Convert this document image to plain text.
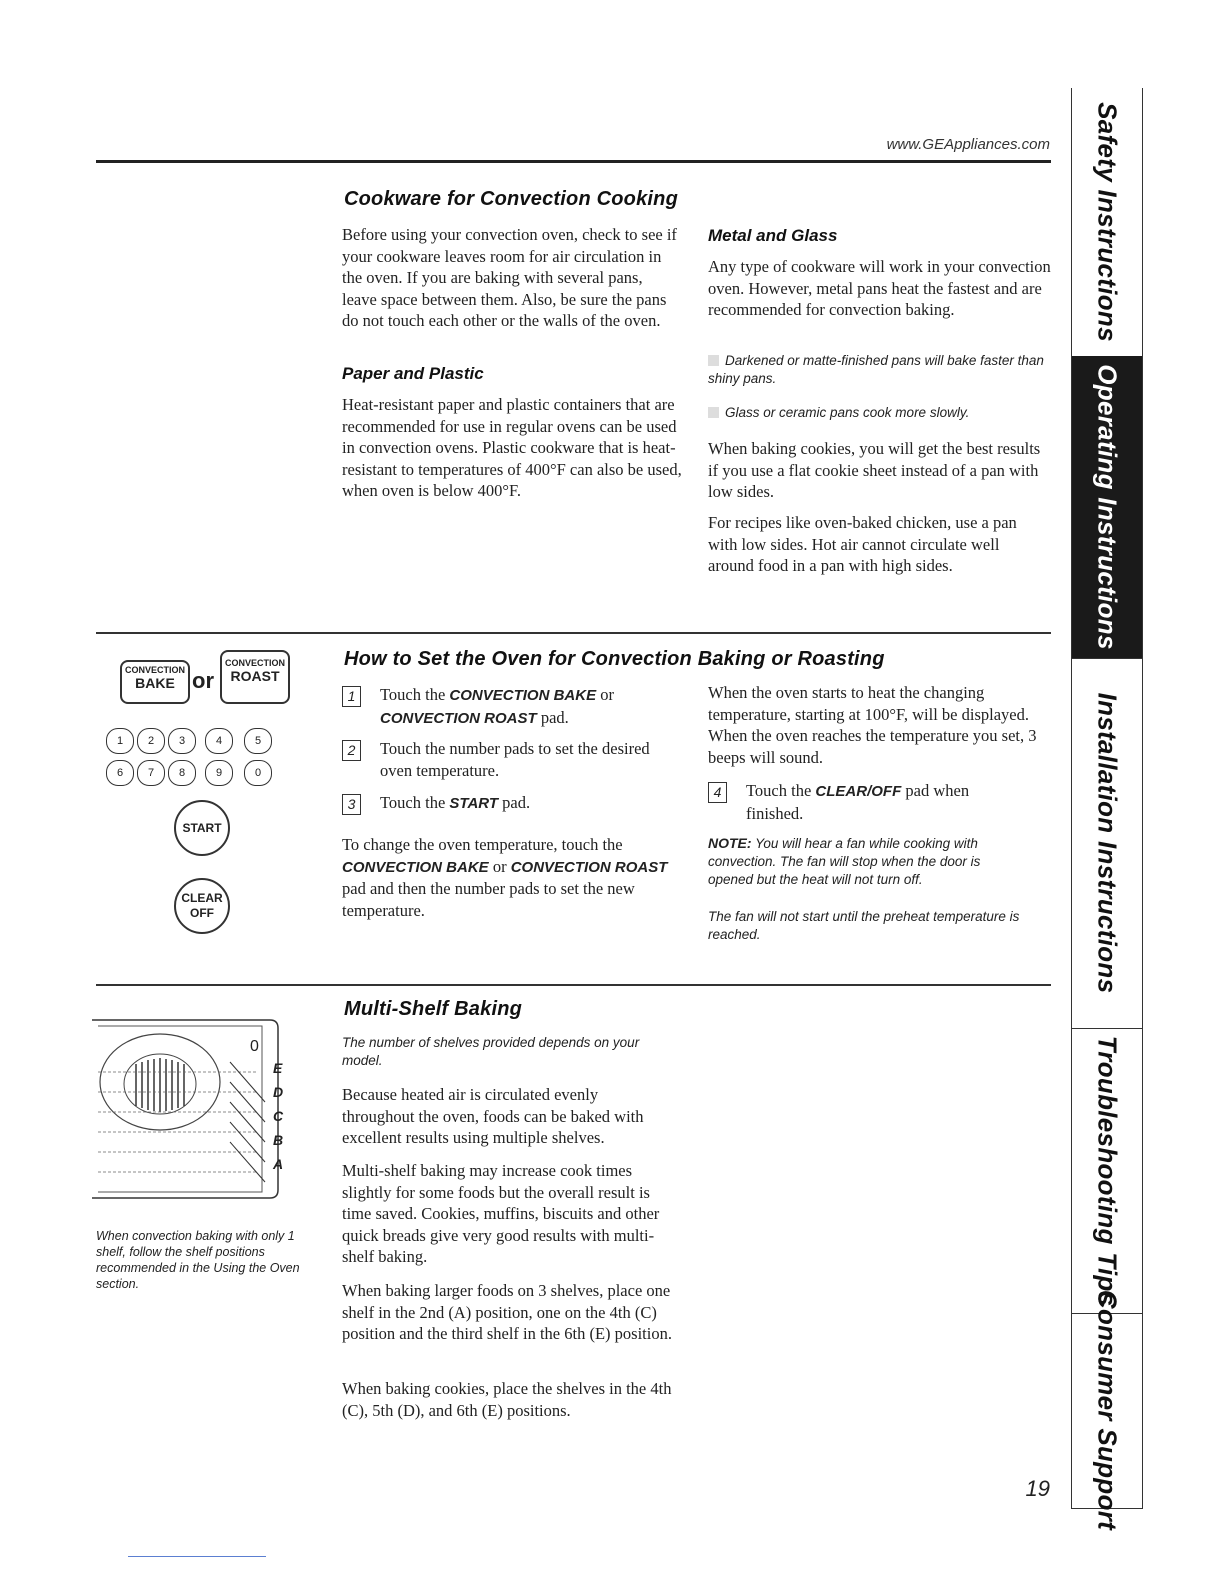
www.GEAppliances.com
Cookware for Convection Cooking

Before using your convection oven, check to see if your cookware leaves room for air circulation in the oven. If you are baking with several pans, leave space between them. Also, be sure the pans do not touch each other or the walls of the oven.

Paper and Plastic

Heat-resistant paper and plastic containers that are recommended for use in regular ovens can be used in convection ovens. Plastic cookware that is heat-resistant to temperatures of 400°F can also be used, when oven is below 400°F.

Metal and Glass

Any type of cookware will work in your convection oven. However, metal pans heat the fastest and are recommended for convection baking.

Darkened or matte-finished pans will bake faster than shiny pans.
Glass or ceramic pans cook more slowly.

When baking cookies, you will get the best results if you use a flat cookie sheet instead of a pan with low sides.

For recipes like oven-baked chicken, use a pan with low sides. Hot air cannot circulate well around food in a pan with high sides.

How to Set the Oven for Convection Baking or Roasting
CONVECTION
BAKE or
CONVECTION
ROAST
1	2	3	4	5
6	7	8	9	0
START
CLEAR
OFF
1	Touch the CONVECTION BAKE or CONVECTION ROAST pad.
2	Touch the number pads to set the desired oven temperature.
3	Touch the START pad.

To change the oven temperature, touch the CONVECTION BAKE or CONVECTION ROAST pad and then the number pads to set the new temperature.

When the oven starts to heat the changing temperature, starting at 100°F, will be displayed. When the oven reaches the temperature you set, 3 beeps will sound.

4	Touch the CLEAR/OFF pad when finished.

NOTE: You will hear a fan while cooking with convection. The fan will stop when the door is opened but the heat will not turn off.

The fan will not start until the preheat temperature is reached.

Multi-Shelf Baking

The number of shelves provided depends on your model.

Because heated air is circulated evenly throughout the oven, foods can be baked with excellent results using multiple shelves.

Multi-shelf baking may increase cook times slightly for some foods but the overall result is time saved. Cookies, muffins, biscuits and other quick breads give very good results with multi-shelf baking.

When baking larger foods on 3 shelves, place one shelf in the 2nd (A) position, one on the 4th (C) position and the third shelf in the 6th (E) position.

When baking cookies, place the shelves in the 4th (C), 5th (D), and 6th (E) positions.

0
E
D
C
B
A

When convection baking with only 1 shelf, follow the shelf positions recommended in the Using the Oven section.

Safety Instructions
Operating Instructions
Installation Instructions
Troubleshooting Tips
Consumer Support
19
